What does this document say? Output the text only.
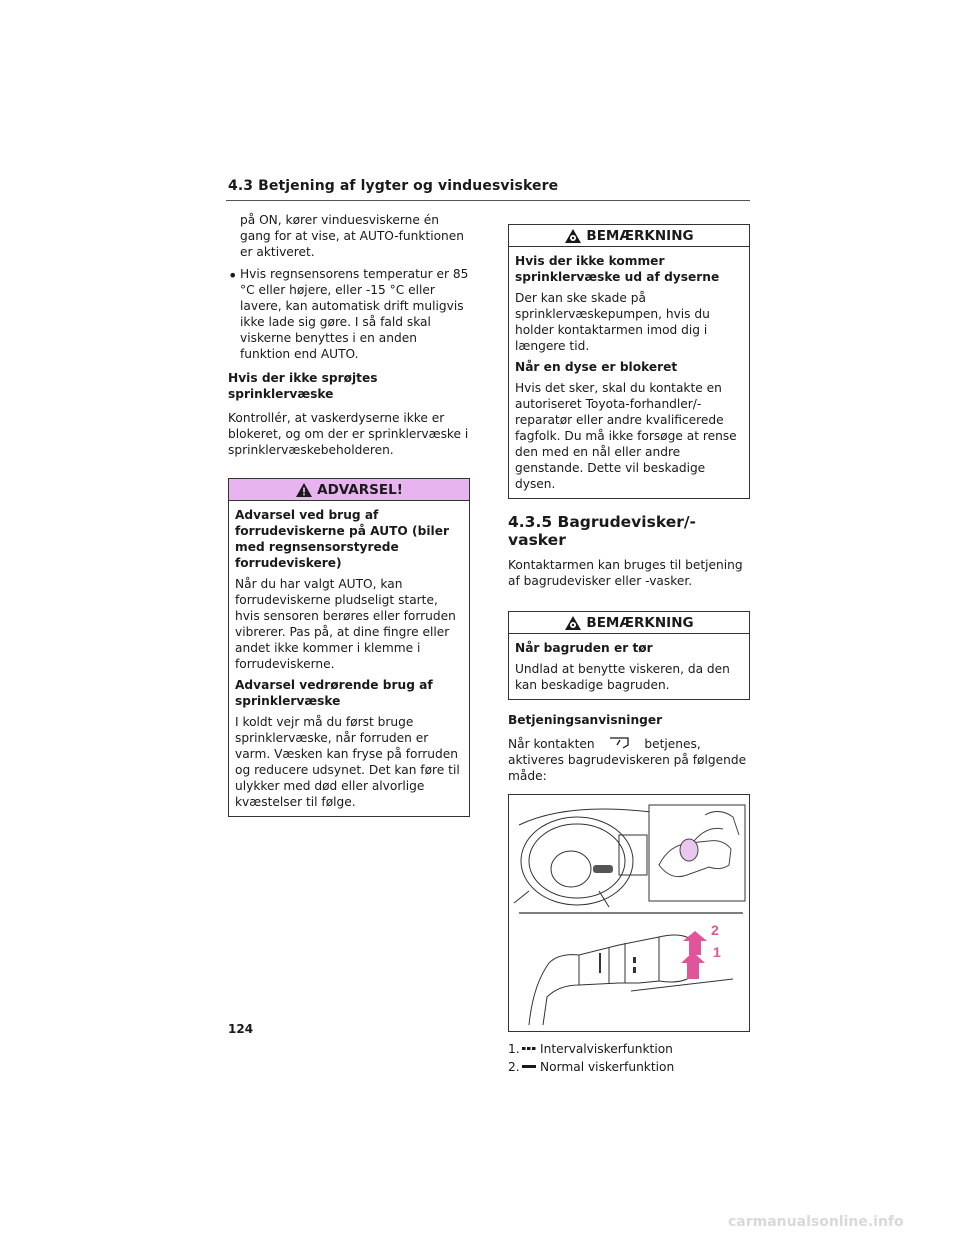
4.3 Betjening af lygter og vinduesviskere

på ON, kører vinduesviskerne én gang for at vise, at AUTO-funktionen er aktiveret.

• Hvis regnsensorens temperatur er 85 °C eller højere, eller -15 °C eller lavere, kan automatisk drift muligvis ikke lade sig gøre. I så fald skal viskerne benyttes i en anden funktion end AUTO.

Hvis der ikke sprøjtes sprinklervæske

Kontrollér, at vaskerdyserne ikke er blokeret, og om der er sprinklervæske i sprinklervæskebeholderen.

ADVARSEL!

Advarsel ved brug af forrudeviskerne på AUTO (biler med regnsensorstyrede forrudeviskere)

Når du har valgt AUTO, kan forrudeviskerne pludseligt starte, hvis sensoren berøres eller forruden vibrerer. Pas på, at dine fingre eller andet ikke kommer i klemme i forrudeviskerne.

Advarsel vedrørende brug af sprinklervæske

I koldt vejr må du først bruge sprinklervæske, når forruden er varm. Væsken kan fryse på forruden og reducere udsynet. Det kan føre til ulykker med død eller alvorlige kvæstelser til følge.

BEMÆRKNING

Hvis der ikke kommer sprinklervæske ud af dyserne

Der kan ske skade på sprinklervæskepumpen, hvis du holder kontaktarmen imod dig i længere tid.

Når en dyse er blokeret

Hvis det sker, skal du kontakte en autoriseret Toyota-forhandler/-reparatør eller andre kvalificerede fagfolk. Du må ikke forsøge at rense den med en nål eller andre genstande. Dette vil beskadige dysen.

4.3.5 Bagrudevisker/-vasker

Kontaktarmen kan bruges til betjening af bagrudevisker eller -vasker.

BEMÆRKNING

Når bagruden er tør

Undlad at benytte viskeren, da den kan beskadige bagruden.

Betjeningsanvisninger

Når kontakten	betjenes, aktiveres bagrudeviskeren på følgende måde:

2
1
1. Intervalviskerfunktion
2. Normal viskerfunktion
124
carmanualsonline.info
